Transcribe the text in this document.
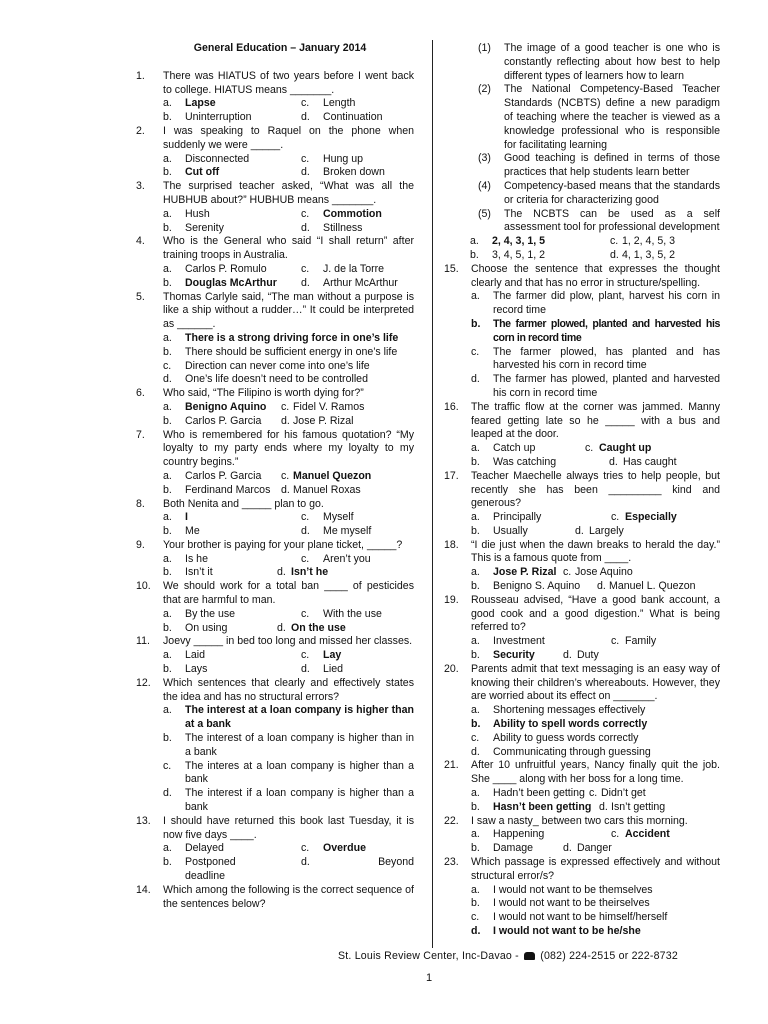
General Education – January 2014
1.	There was HIATUS of two years before I went back to college. HIATUS means _______.
a.	Lapse	c.	Length
b.	Uninterruption	d.	Continuation
2.	I was speaking to Raquel on the phone when suddenly we were _____.
a.	Disconnected	c.	Hung up
b.	Cut off	d.	Broken down
3.	The surprised teacher asked, “What was all the HUBHUB about?” HUBHUB means _______.
a.	Hush	c.	Commotion
b.	Serenity	d.	Stillness
4.	Who is the General who said “I shall return” after training troops in Australia.
a.	Carlos P. Romulo	c.	J. de la Torre
b.	Douglas McArthur	d.	Arthur McArthur
5.	Thomas Carlyle said, “The man without a purpose is like a ship without a rudder…” It could be interpreted as ______.
a.	There is a strong driving force in one’s life
b.	There should be sufficient energy in one’s life
c.	Direction can never come into one’s life
d.	One’s life doesn’t need to be controlled
6.	Who said, “The Filipino is worth dying for?”
a.	Benigno Aquino	c. Fidel V. Ramos
b.	Carlos P. Garcia	d. Jose P. Rizal
7.	Who is remembered for his famous quotation? “My loyalty to my party ends where my loyalty to my country begins.”
a.	Carlos P. Garcia	c. Manuel Quezon
b.	Ferdinand Marcos	d. Manuel Roxas
8.	Both Nenita and _____ plan to go.
a.	I	c.	Myself
b.	Me	d.	Me myself
9.	Your brother is paying for your plane ticket, _____?
a.	Is he	c.	Aren’t you
b.	Isn’t it	d. Isn’t he
10.	We should work for a total ban ____ of pesticides that are harmful to man.
a.	By the use	c.	With the use
b.	On using	d. On the use
11.	Joevy _____ in bed too long and missed her classes.
a.	Laid	c.	Lay
b.	Lays	d.	Lied
12.	Which sentences that clearly and effectively states the idea and has no structural errors?
a.	The interest at a loan company is higher than at a bank
b.	The interest of a loan company is higher than in a bank
c.	The interes at a loan company is higher than a bank
d.	The interest if a loan company is higher than a bank
13.	I should have returned this book last Tuesday, it is now five days ____.
a.	Delayed	c.	Overdue
b.	Postponed	d.	Beyond
deadline
14.	Which among the following is the correct sequence of the sentences below?
(1)	The image of a good teacher is one who is constantly reflecting about how best to help different types of learners how to learn
(2)	The National Competency-Based Teacher Standards (NCBTS) define a new paradigm of teaching where the teacher is viewed as a knowledge professional who is responsible for facilitating learning
(3)	Good teaching is defined in terms of those practices that help students learn better
(4)	Competency-based means that the standards or criteria for characterizing good
(5)	The NCBTS can be used as a self assessment tool for professional development
a.	2, 4, 3, 1, 5	c. 1, 2, 4, 5, 3
b.	3, 4, 5, 1, 2	d. 4, 1, 3, 5, 2
15.	Choose the sentence that expresses the thought clearly and that has no error in structure/spelling.
a.	The farmer did plow, plant, harvest his corn in record time
b.	The farmer plowed, planted and harvested his corn in record time
c.	The farmer plowed, has planted and has harvested his corn in record time
d.	The farmer has plowed, planted and harvested his corn in record time
16.	The traffic flow at the corner was jammed. Manny feared getting late so he _____ with a bus and leaped at the door.
a.	Catch up	c. Caught up
b.	Was catching	d. Has caught
17.	Teacher Maechelle always tries to help people, but recently she has been _________ kind and generous?
a.	Principally	c. Especially
b.	Usually	d. Largely
18.	“I die just when the dawn breaks to herald the day.” This is a famous quote from ____.
a.	Jose P. Rizal c. Jose Aquino
b.	Benigno S. Aquino	d. Manuel L. Quezon
19.	Rousseau advised, “Have a good bank account, a good cook and a good digestion.” What is being referred to?
a.	Investment	c. Family
b.	Security	d. Duty
20.	Parents admit that text messaging is an easy way of knowing their children’s whereabouts. However, they are worried about its effect on _______.
a.	Shortening messages effectively
b.	Ability to spell words correctly
c.	Ability to guess words correctly
d.	Communicating through guessing
21.	After 10 unfruitful years, Nancy finally quit the job. She ____ along with her boss for a long time.
a.	Hadn’t been getting c. Didn’t get
b.	Hasn’t been getting d. Isn’t getting
22.	I saw a nasty_ between two cars this morning.
a.	Happening	c. Accident
b.	Damage	d. Danger
23.	Which passage is expressed effectively and without structural error/s?
a.	I would not want to be themselves
b.	I would not want to be theirselves
c.	I would not want to be himself/herself
d.	I would not want to be he/she
St. Louis Review Center, Inc-Davao - (082) 224-2515 or 222-8732
1
